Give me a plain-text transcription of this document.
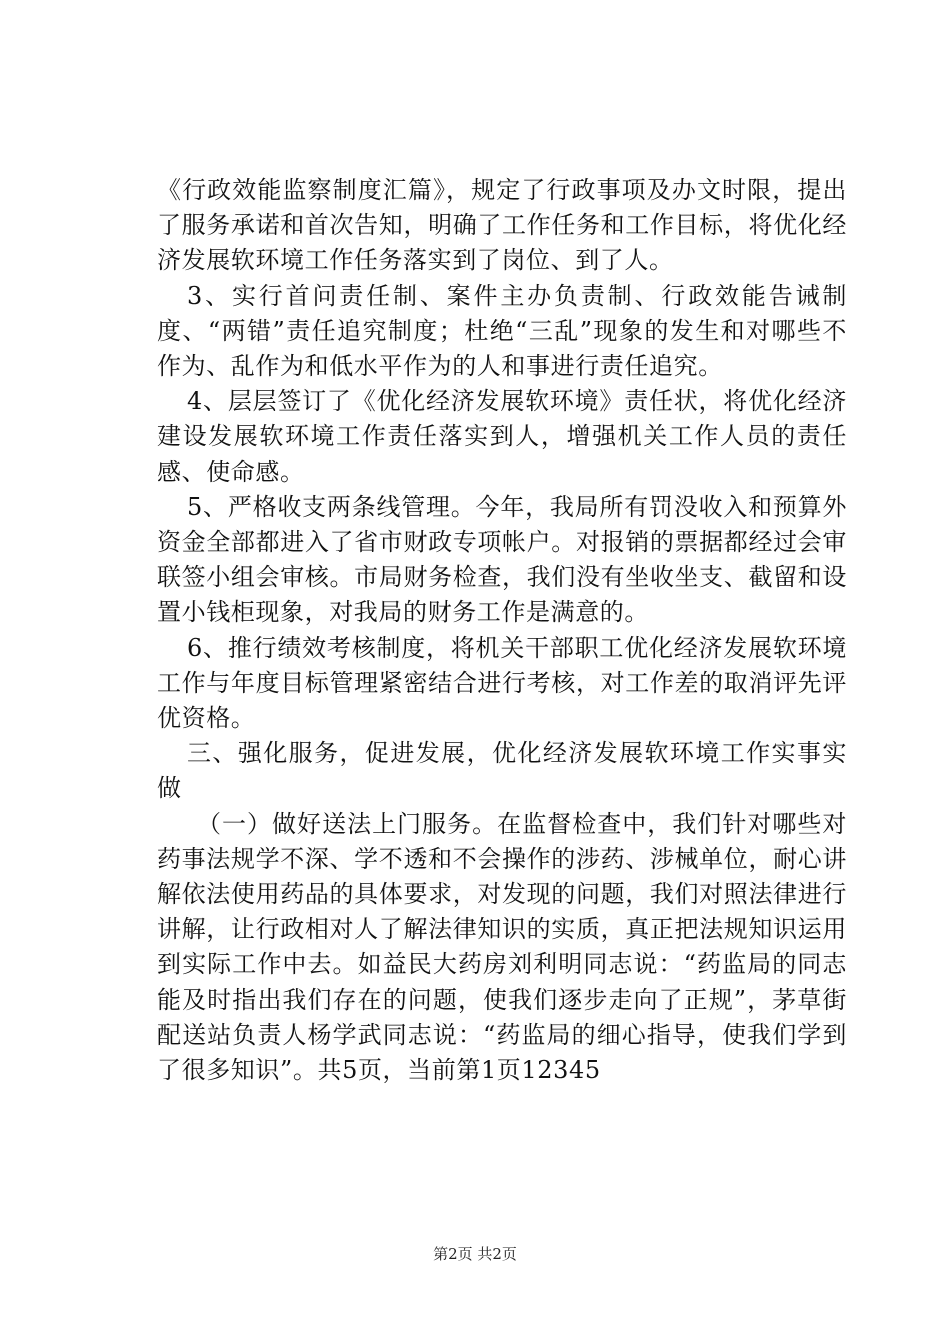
《行政效能监察制度汇篇》，规定了行政事项及办文时限，提出了服务承诺和首次告知，明确了工作任务和工作目标，将优化经济发展软环境工作任务落实到了岗位、到了人。

3、实行首问责任制、案件主办负责制、行政效能告诫制度、“两错”责任追究制度；杜绝“三乱”现象的发生和对哪些不作为、乱作为和低水平作为的人和事进行责任追究。

4、层层签订了《优化经济发展软环境》责任状，将优化经济建设发展软环境工作责任落实到人，增强机关工作人员的责任感、使命感。

5、严格收支两条线管理。今年，我局所有罚没收入和预算外资金全部都进入了省市财政专项帐户。对报销的票据都经过会审联签小组会审核。市局财务检查，我们没有坐收坐支、截留和设置小钱柜现象，对我局的财务工作是满意的。

6、推行绩效考核制度，将机关干部职工优化经济发展软环境工作与年度目标管理紧密结合进行考核，对工作差的取消评先评优资格。

三、强化服务，促进发展，优化经济发展软环境工作实事实做

（一）做好送法上门服务。在监督检查中，我们针对哪些对药事法规学不深、学不透和不会操作的涉药、涉械单位，耐心讲解依法使用药品的具体要求，对发现的问题，我们对照法律进行讲解，让行政相对人了解法律知识的实质，真正把法规知识运用到实际工作中去。如益民大药房刘利明同志说：“药监局的同志能及时指出我们存在的问题，使我们逐步走向了正规”，茅草街配送站负责人杨学武同志说：“药监局的细心指导，使我们学到了很多知识”。共5页，当前第1页12345

第2页 共2页
